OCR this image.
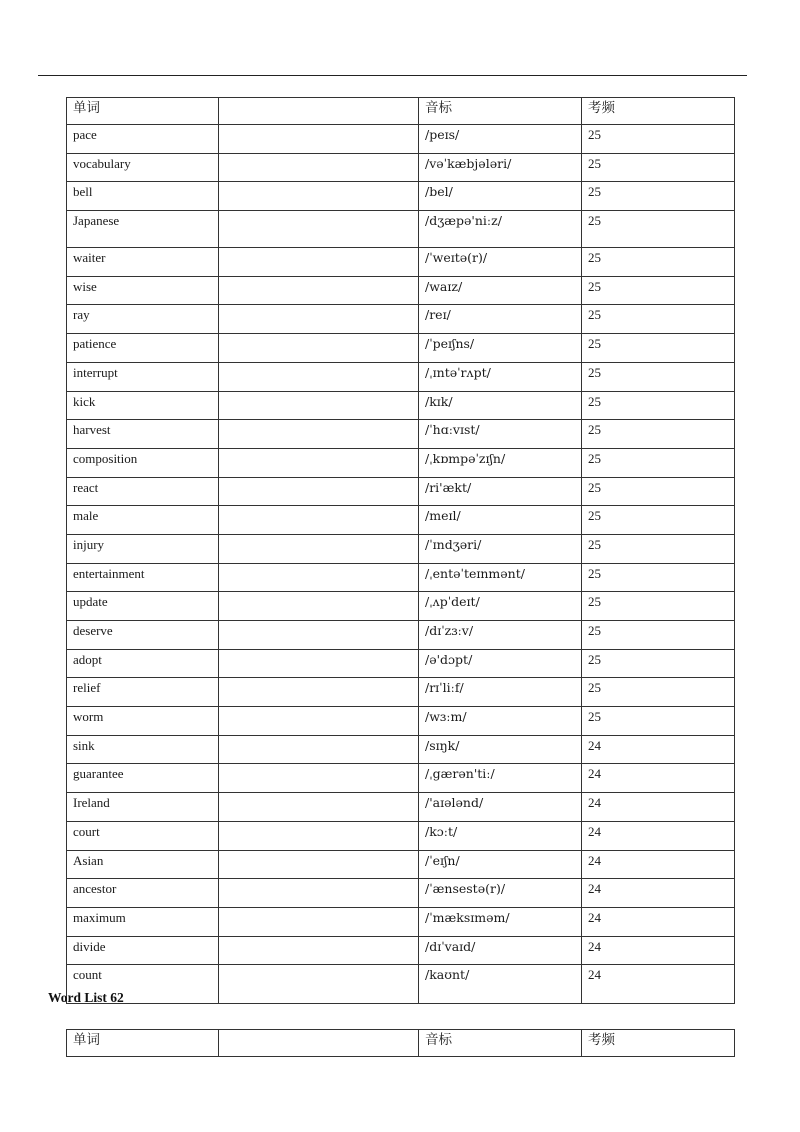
单词		音标	考频
pace		/peɪs/	25
vocabulary		/vəˈkæbjələri/	25
bell		/bel/	25
Japanese		/dʒæpə'niːz/	25
waiter		/ˈweɪtə(r)/	25
wise		/waɪz/	25
ray		/reɪ/	25
patience		/ˈpeɪʃns/	25
interrupt		/ˌɪntəˈrʌpt/	25
kick		/kɪk/	25
harvest		/ˈhɑːvɪst/	25
composition		/ˌkɒmpəˈzɪʃn/	25
react		/ri'ækt/	25
male		/meɪl/	25
injury		/ˈɪndʒəri/	25
entertainment		/ˌentəˈteɪnmənt/	25
update		/ˌʌpˈdeɪt/	25
deserve		/dɪˈzɜːv/	25
adopt		/ə'dɔpt/	25
relief		/rɪˈliːf/	25
worm		/wɜːm/	25
sink		/sɪŋk/	24
guarantee		/ˌgærən'tiː/	24
Ireland		/'aɪələnd/	24
court		/kɔːt/	24
Asian		/ˈeɪʃn/	24
ancestor		/ˈænsestə(r)/	24
maximum		/ˈmæksɪməm/	24
divide		/dɪˈvaɪd/	24
count		/kaʊnt/	24
Word List 62
单词		音标	考频
